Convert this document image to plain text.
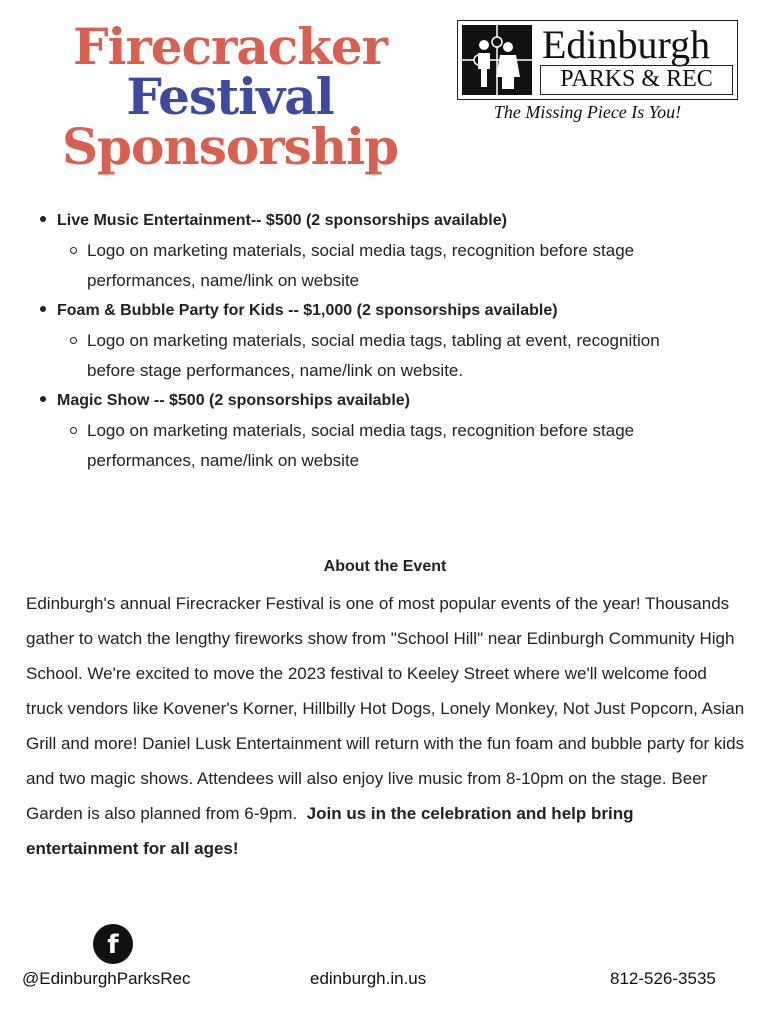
Firecracker
Festival
Sponsorship
Edinburgh
PARKS & REC
The Missing Piece Is You!
Live Music Entertainment-- $500 (2 sponsorships available)
Logo on marketing materials, social media tags, recognition before stage performances, name/link on website
Foam & Bubble Party for Kids -- $1,000 (2 sponsorships available)
Logo on marketing materials, social media tags, tabling at event, recognition before stage performances, name/link on website.
Magic Show -- $500 (2 sponsorships available)
Logo on marketing materials, social media tags, recognition before stage performances, name/link on website
About the Event

Edinburgh's annual Firecracker Festival is one of most popular events of the year! Thousands gather to watch the lengthy fireworks show from "School Hill" near Edinburgh Community High School. We're excited to move the 2023 festival to Keeley Street where we'll welcome food truck vendors like Kovener's Korner, Hillbilly Hot Dogs, Lonely Monkey, Not Just Popcorn, Asian Grill and more! Daniel Lusk Entertainment will return with the fun foam and bubble party for kids and two magic shows. Attendees will also enjoy live music from 8-10pm on the stage. Beer Garden is also planned from 6-9pm. Join us in the celebration and help bring entertainment for all ages!

f
@EdinburghParksRec	edinburgh.in.us	812-526-3535
